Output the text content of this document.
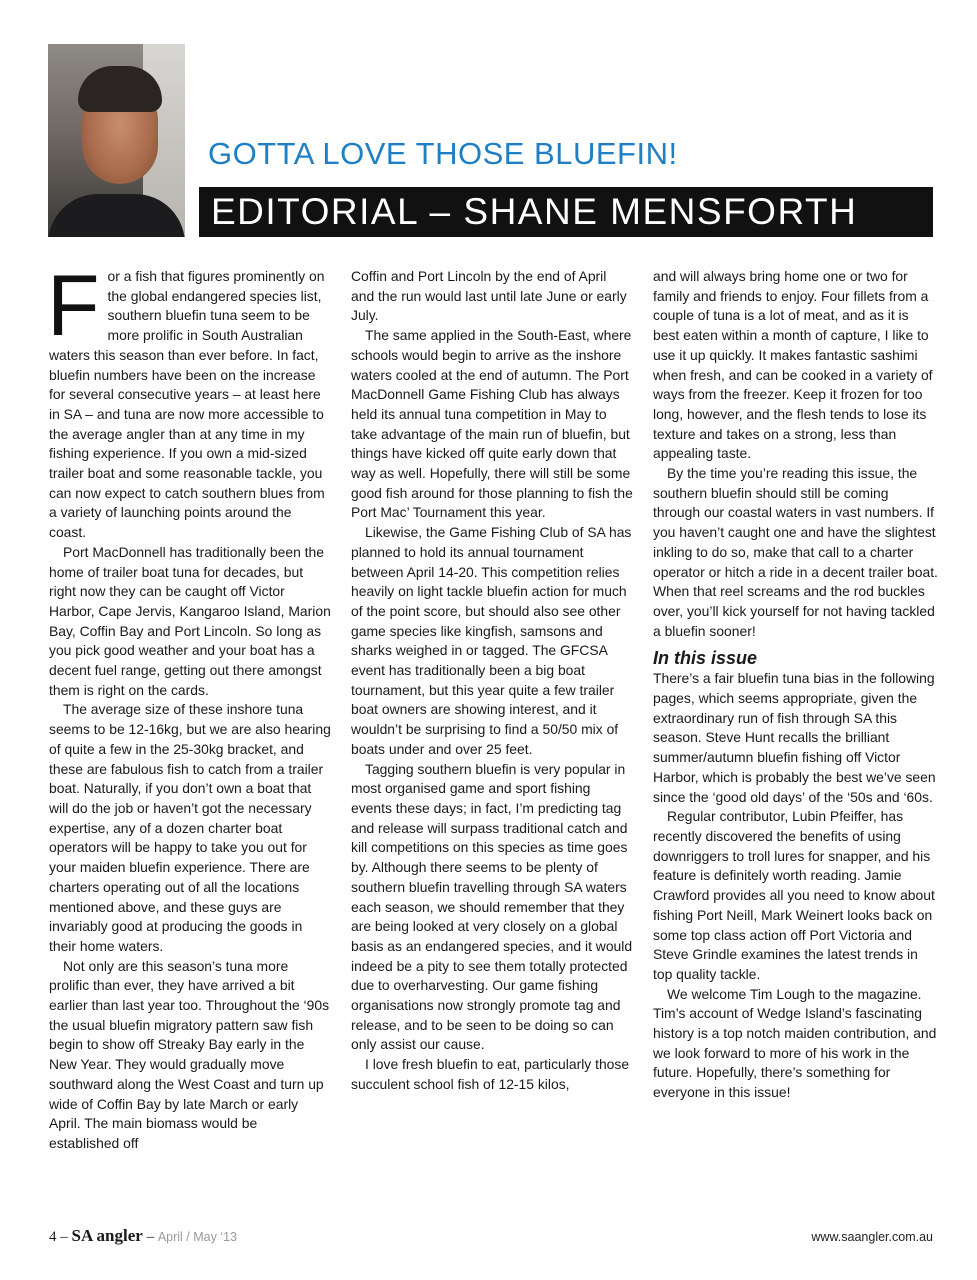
GOTTA LOVE THOSE BLUEFIN!
EDITORIAL – SHANE MENSFORTH

For a fish that figures prominently on the global endangered species list, southern bluefin tuna seem to be more prolific in South Australian waters this season than ever before. In fact, bluefin numbers have been on the increase for several consecutive years – at least here in SA – and tuna are now more accessible to the average angler than at any time in my fishing experience. If you own a mid-sized trailer boat and some reasonable tackle, you can now expect to catch southern blues from a variety of launching points around the coast.

Port MacDonnell has traditionally been the home of trailer boat tuna for decades, but right now they can be caught off Victor Harbor, Cape Jervis, Kangaroo Island, Marion Bay, Coffin Bay and Port Lincoln. So long as you pick good weather and your boat has a decent fuel range, getting out there amongst them is right on the cards.

The average size of these inshore tuna seems to be 12-16kg, but we are also hearing of quite a few in the 25-30kg bracket, and these are fabulous fish to catch from a trailer boat. Naturally, if you don’t own a boat that will do the job or haven’t got the necessary expertise, any of a dozen charter boat operators will be happy to take you out for your maiden bluefin experience. There are charters operating out of all the locations mentioned above, and these guys are invariably good at producing the goods in their home waters.

Not only are this season’s tuna more prolific than ever, they have arrived a bit earlier than last year too. Throughout the ‘90s the usual bluefin migratory pattern saw fish begin to show off Streaky Bay early in the New Year. They would gradually move southward along the West Coast and turn up wide of Coffin Bay by late March or early April. The main biomass would be established off

Coffin and Port Lincoln by the end of April and the run would last until late June or early July.

The same applied in the South-East, where schools would begin to arrive as the inshore waters cooled at the end of autumn. The Port MacDonnell Game Fishing Club has always held its annual tuna competition in May to take advantage of the main run of bluefin, but things have kicked off quite early down that way as well. Hopefully, there will still be some good fish around for those planning to fish the Port Mac’ Tournament this year.

Likewise, the Game Fishing Club of SA has planned to hold its annual tournament between April 14-20. This competition relies heavily on light tackle bluefin action for much of the point score, but should also see other game species like kingfish, samsons and sharks weighed in or tagged. The GFCSA event has traditionally been a big boat tournament, but this year quite a few trailer boat owners are showing interest, and it wouldn’t be surprising to find a 50/50 mix of boats under and over 25 feet.

Tagging southern bluefin is very popular in most organised game and sport fishing events these days; in fact, I’m predicting tag and release will surpass traditional catch and kill competitions on this species as time goes by. Although there seems to be plenty of southern bluefin travelling through SA waters each season, we should remember that they are being looked at very closely on a global basis as an endangered species, and it would indeed be a pity to see them totally protected due to overharvesting. Our game fishing organisations now strongly promote tag and release, and to be seen to be doing so can only assist our cause.

I love fresh bluefin to eat, particularly those succulent school fish of 12-15 kilos,

and will always bring home one or two for family and friends to enjoy. Four fillets from a couple of tuna is a lot of meat, and as it is best eaten within a month of capture, I like to use it up quickly. It makes fantastic sashimi when fresh, and can be cooked in a variety of ways from the freezer. Keep it frozen for too long, however, and the flesh tends to lose its texture and takes on a strong, less than appealing taste.

By the time you’re reading this issue, the southern bluefin should still be coming through our coastal waters in vast numbers. If you haven’t caught one and have the slightest inkling to do so, make that call to a charter operator or hitch a ride in a decent trailer boat. When that reel screams and the rod buckles over, you’ll kick yourself for not having tackled a bluefin sooner!

In this issue

There’s a fair bluefin tuna bias in the following pages, which seems appropriate, given the extraordinary run of fish through SA this season. Steve Hunt recalls the brilliant summer/autumn bluefin fishing off Victor Harbor, which is probably the best we’ve seen since the ‘good old days’ of the ‘50s and ‘60s.

Regular contributor, Lubin Pfeiffer, has recently discovered the benefits of using downriggers to troll lures for snapper, and his feature is definitely worth reading. Jamie Crawford provides all you need to know about fishing Port Neill, Mark Weinert looks back on some top class action off Port Victoria and Steve Grindle examines the latest trends in top quality tackle.

We welcome Tim Lough to the magazine. Tim’s account of Wedge Island’s fascinating history is a top notch maiden contribution, and we look forward to more of his work in the future. Hopefully, there’s something for everyone in this issue!

4 – SA angler – April / May ‘13	www.saangler.com.au
